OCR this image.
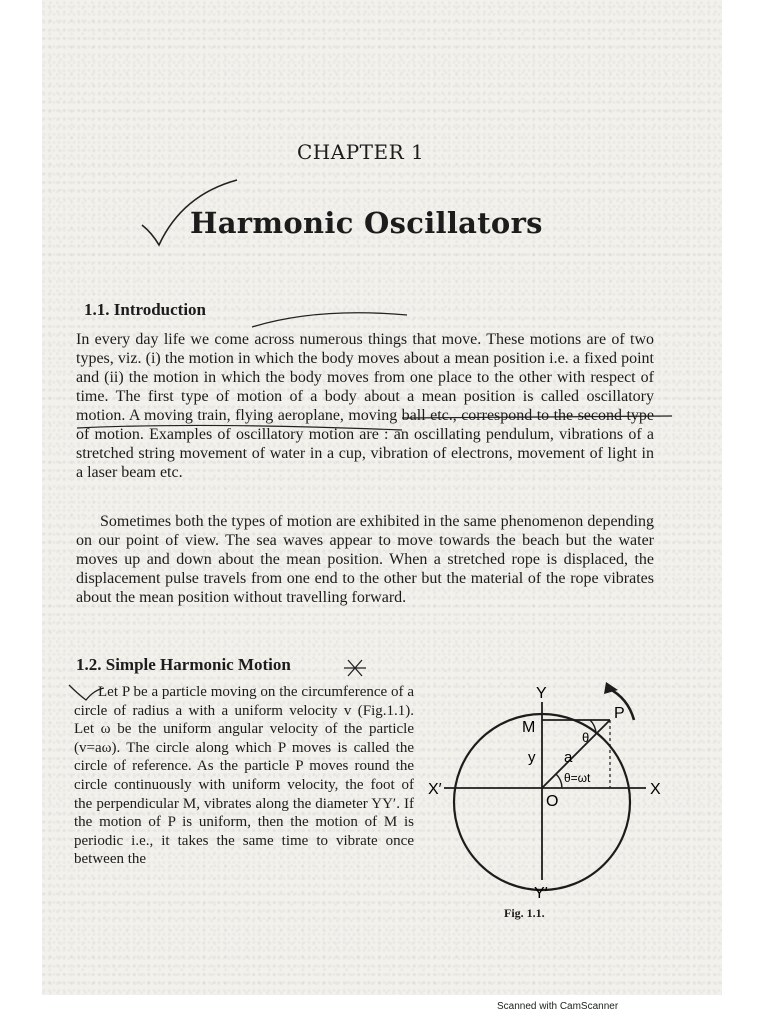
CHAPTER 1

Harmonic Oscillators
1.1. Introduction

In every day life we come across numerous things that move. These motions are of two types, viz. (i) the motion in which the body moves about a mean position i.e. a fixed point and (ii) the motion in which the body moves from one place to the other with respect of time. The first type of motion of a body about a mean position is called oscillatory motion. A moving train, flying aeroplane, moving ball etc., correspond to the second type of motion. Examples of oscillatory motion are : an oscillating pendulum, vibrations of a stretched string movement of water in a cup, vibration of electrons, movement of light in a laser beam etc.

Sometimes both the types of motion are exhibited in the same phenomenon depending on our point of view. The sea waves appear to move towards the beach but the water moves up and down about the mean position. When a stretched rope is displaced, the displacement pulse travels from one end to the other but the material of the rope vibrates about the mean position without travelling forward.

1.2. Simple Harmonic Motion

Let P be a particle moving on the circumference of a circle of radius a with a uniform velocity v (Fig.1.1). Let ω be the uniform angular velocity of the particle (v=aω). The circle along which P moves is called the circle of reference. As the particle P moves round the circle continuously with uniform velocity, the foot of the perpendicular M, vibrates along the diameter YY′. If the motion of P is uniform, then the motion of M is periodic i.e., it takes the same time to vibrate once between the

Y
Y′
X′	X
O
M
P
y a
θ
θ=ωt

Fig. 1.1.

Scanned with CamScanner
